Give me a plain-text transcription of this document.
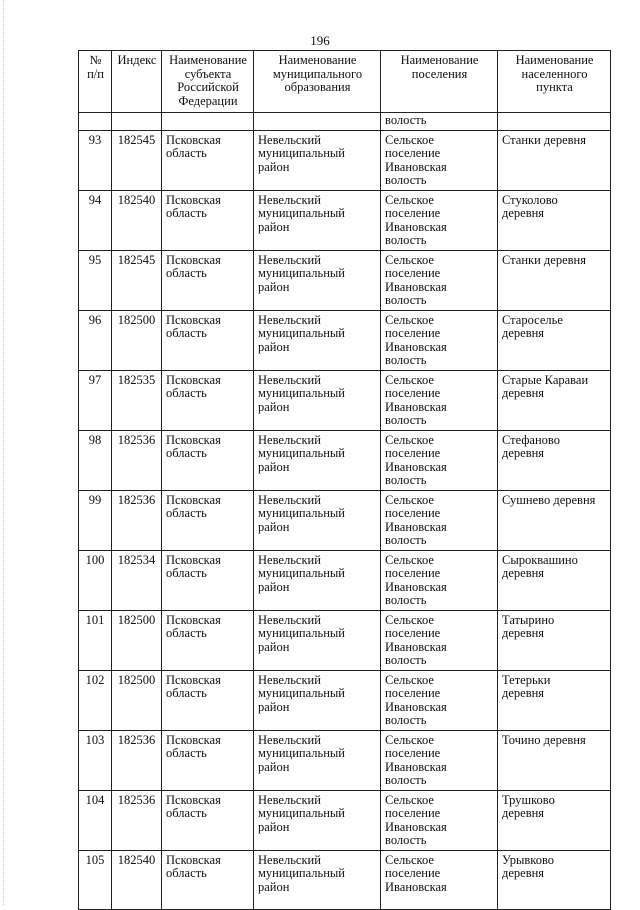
196
№
п/п	Индекс	Наименование
субъекта
Российской
Федерации	Наименование
муниципального
образования	Наименование
поселения	Наименование
населенного
пункта
				волость	
93	182545	Псковская
область	Невельский
муниципальный
район	Сельское
поселение
Ивановская
волость	Станки деревня
94	182540	Псковская
область	Невельский
муниципальный
район	Сельское
поселение
Ивановская
волость	Стуколово
деревня
95	182545	Псковская
область	Невельский
муниципальный
район	Сельское
поселение
Ивановская
волость	Станки деревня
96	182500	Псковская
область	Невельский
муниципальный
район	Сельское
поселение
Ивановская
волость	Староселье
деревня
97	182535	Псковская
область	Невельский
муниципальный
район	Сельское
поселение
Ивановская
волость	Старые Караваи
деревня
98	182536	Псковская
область	Невельский
муниципальный
район	Сельское
поселение
Ивановская
волость	Стефаново
деревня
99	182536	Псковская
область	Невельский
муниципальный
район	Сельское
поселение
Ивановская
волость	Сушнево деревня
100	182534	Псковская
область	Невельский
муниципальный
район	Сельское
поселение
Ивановская
волость	Сыроквашино
деревня
101	182500	Псковская
область	Невельский
муниципальный
район	Сельское
поселение
Ивановская
волость	Татырино
деревня
102	182500	Псковская
область	Невельский
муниципальный
район	Сельское
поселение
Ивановская
волость	Тетерьки
деревня
103	182536	Псковская
область	Невельский
муниципальный
район	Сельское
поселение
Ивановская
волость	Точино деревня
104	182536	Псковская
область	Невельский
муниципальный
район	Сельское
поселение
Ивановская
волость	Трушково
деревня
105	182540	Псковская
область	Невельский
муниципальный
район	Сельское
поселение
Ивановская	Урывково
деревня
